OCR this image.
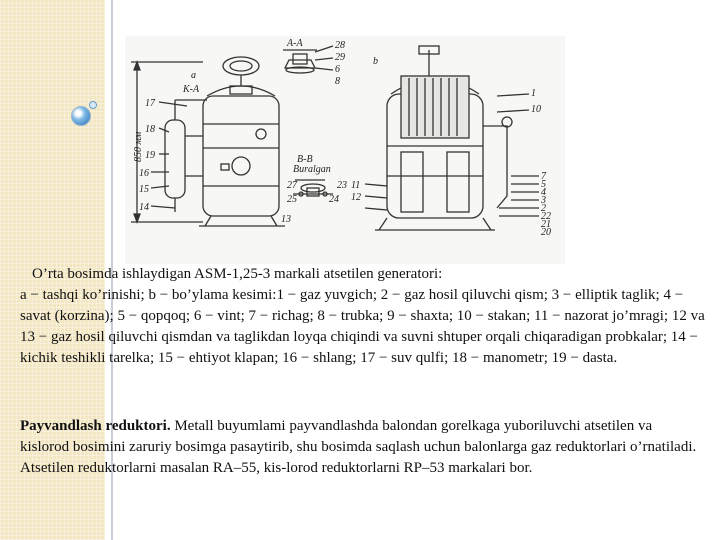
850 мм
K-A
a
b
A-A
B-B
Buralgan
17
18
19
16
15
14
13
28
29
6
8
27
25	24
23
1
10
11
12
7
5
4
3
2
22
21
20
O’rta bosimda ishlaydigan ASM-1,25-3 markali atsetilen generatori:
a − tashqi ko’rinishi; b − bo’ylama kesimi:1 − gaz yuvgich; 2 − gaz hosil qiluvchi qism; 3 − elliptik taglik; 4 − savat (korzina); 5 − qopqoq; 6 − vint; 7 − richag; 8 − trubka; 9 − shaxta; 10 − stakan; 11 − nazorat jo’mragi; 12 va 13 − gaz hosil qiluvchi qismdan va taglikdan loyqa chiqindi va suvni shtuper orqali chiqaradigan probkalar; 14 − kichik teshikli tarelka; 15 − ehtiyot klapan; 16 − shlang; 17 − suv qulfi; 18 − manometr; 19 − dasta.
Payvandlash reduktori. Metall buyumlami payvandlashda balondan gorelkaga yuboriluvchi atsetilen va kislorod bosimini zaruriy bosimga pasaytirib, shu bosimda saqlash uchun balonlarga gaz reduktorlari o’rnatiladi. Atsetilen reduktorlarni masalan RA–55, kis-lorod reduktorlarni RP–53 markalari bor.
